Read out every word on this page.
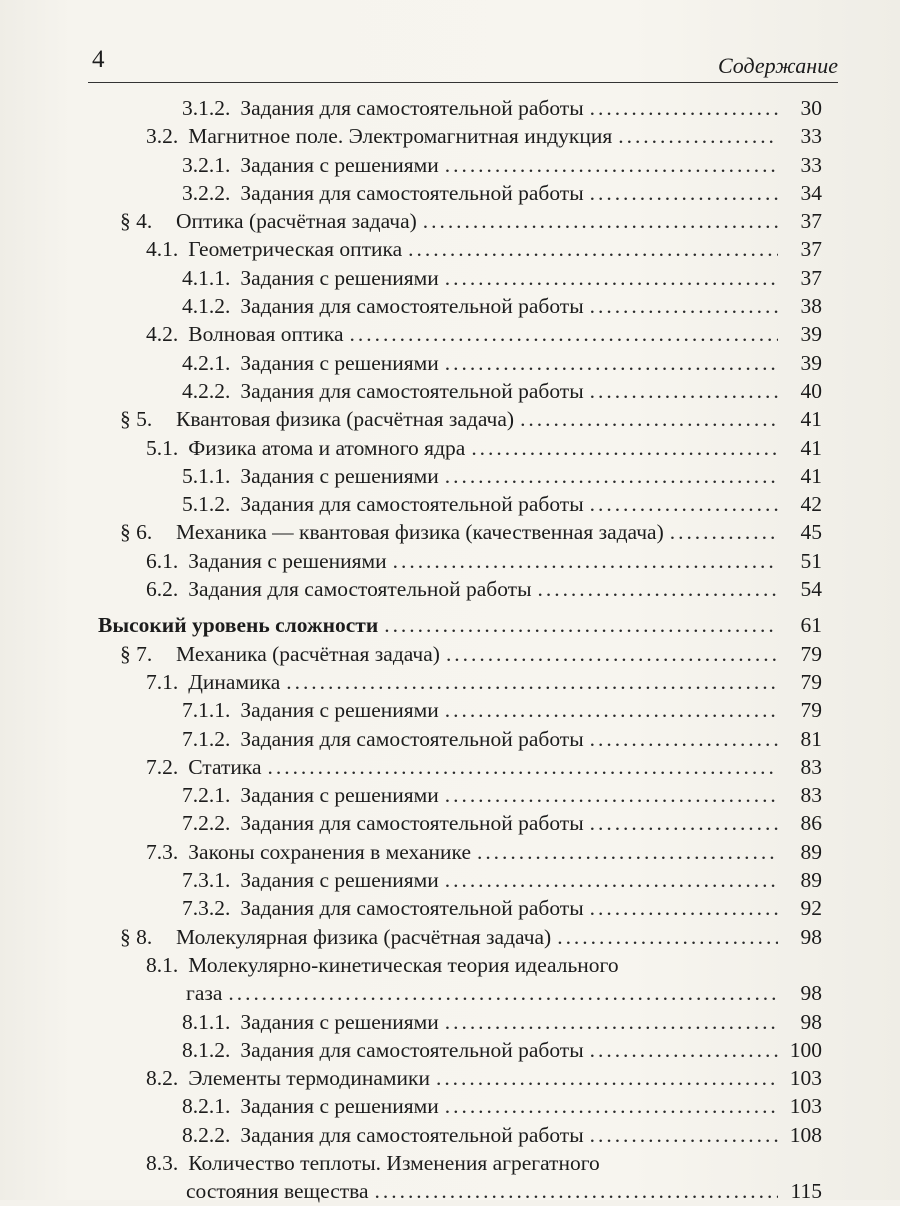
4	Содержание
3.1.2. Задания для самостоятельной работы . . .	30
3.2. Магнитное поле. Электромагнитная индукция . . .	33
3.2.1. Задания с решениями . . .	33
3.2.2. Задания для самостоятельной работы . . .	34
§ 4.	Оптика (расчётная задача) . . .	37
4.1. Геометрическая оптика . . .	37
4.1.1. Задания с решениями . . .	37
4.1.2. Задания для самостоятельной работы . . .	38
4.2. Волновая оптика . . .	39
4.2.1. Задания с решениями . . .	39
4.2.2. Задания для самостоятельной работы . . .	40
§ 5.	Квантовая физика (расчётная задача) . . .	41
5.1. Физика атома и атомного ядра . . .	41
5.1.1. Задания с решениями . . .	41
5.1.2. Задания для самостоятельной работы . . .	42
§ 6.	Механика — квантовая физика (качественная задача) . . .	45
6.1. Задания с решениями . . .	51
6.2. Задания для самостоятельной работы . . .	54
Высокий уровень сложности . . .	61
§ 7.	Механика (расчётная задача) . . .	79
7.1. Динамика . . .	79
7.1.1. Задания с решениями . . .	79
7.1.2. Задания для самостоятельной работы . . .	81
7.2. Статика . . .	83
7.2.1. Задания с решениями . . .	83
7.2.2. Задания для самостоятельной работы . . .	86
7.3. Законы сохранения в механике . . .	89
7.3.1. Задания с решениями . . .	89
7.3.2. Задания для самостоятельной работы . . .	92
§ 8.	Молекулярная физика (расчётная задача) . . .	98
8.1. Молекулярно-кинетическая теория идеального
газа . . .	98
8.1.1. Задания с решениями . . .	98
8.1.2. Задания для самостоятельной работы . . .	100
8.2. Элементы термодинамики . . .	103
8.2.1. Задания с решениями . . .	103
8.2.2. Задания для самостоятельной работы . . .	108
8.3. Количество теплоты. Изменения агрегатного
состояния вещества . . .	115
